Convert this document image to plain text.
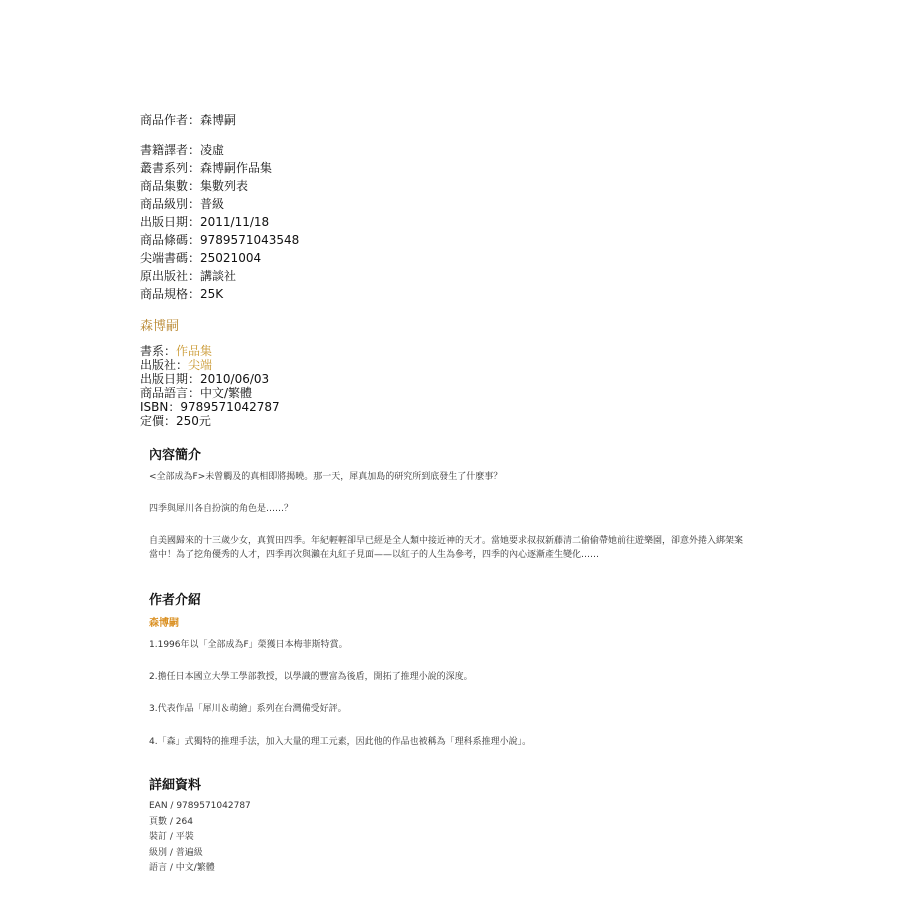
商品作者：森博嗣
書籍譯者：凌虛
叢書系列：森博嗣作品集
商品集數：集數列表
商品級別：普級
出版日期：2011/11/18
商品條碼：9789571043548
尖端書碼：25021004
原出版社：講談社
商品規格：25K
森博嗣
書系：作品集
出版社：尖端
出版日期：2010/06/03
商品語言：中文/繁體
ISBN：9789571042787
定價：250元
內容簡介
<全部成為F>未曾觸及的真相即將揭曉。那一天，犀真加島的研究所到底發生了什麼事？
四季與犀川各自扮演的角色是……？
自美國歸來的十三歲少女，真賀田四季。年紀輕輕卻早已經是全人類中接近神的天才。當她要求叔叔新藤清二偷偷帶她前往遊樂園，卻意外捲入綁架案當中！為了挖角優秀的人才，四季再次與瀨在丸紅子見面——以紅子的人生為參考，四季的內心逐漸產生變化……
作者介紹
森博嗣
1.1996年以「全部成為F」榮獲日本梅菲斯特賞。
2.擔任日本國立大學工學部教授，以學識的豐富為後盾，開拓了推理小說的深度。
3.代表作品「犀川＆萌繪」系列在台灣備受好評。
4.「森」式獨特的推理手法，加入大量的理工元素，因此他的作品也被稱為「理科系推理小說」。
詳細資料
EAN / 9789571042787
頁數 / 264
裝訂 / 平裝
級別 / 普遍級
語言 / 中文/繁體
